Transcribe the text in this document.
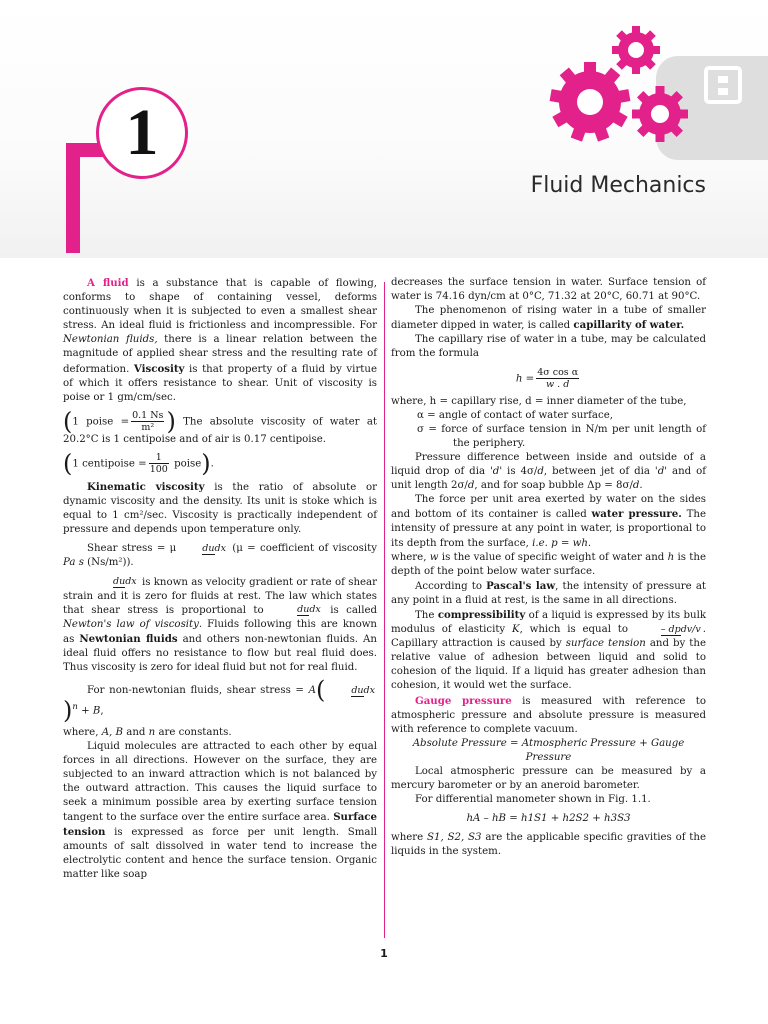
1
Fluid Mechanics

A fluid is a substance that is capable of flowing, conforms to shape of containing vessel, deforms continuously when it is subjected to even a smallest shear stress. An ideal fluid is frictionless and incompressible. For Newtonian fluids, there is a linear relation between the magnitude of applied shear stress and the resulting rate of deformation. Viscosity is that property of a fluid by virtue of which it offers resistance to shear. Unit of viscosity is poise or 1 gm/cm/sec.

(1 poise = $\frac{0.1 Ns}{\text{m²}}$ ) The absolute viscosity of water at 20.2°C is 1 centipoise and of air is 0.17 centipoise.

(1 centipoise = $\frac{1}{100}$ poise).

Kinematic viscosity is the ratio of absolute or dynamic viscosity and the density. Its unit is stoke which is equal to 1 cm²/sec. Viscosity is practically independent of pressure and depends upon temperature only.

Shear stress = μ	dudx (μ = coefficient of viscosity Pa s (Ns/m²)).

dudx is known as velocity gradient or rate of shear strain and it is zero for fluids at rest. The law which states that shear stress is proportional to	dudx is called Newton's law of viscosity. Fluids following this are known as Newtonian fluids and others non-newtonian fluids. An ideal fluid offers no resistance to flow but real fluid does. Thus viscosity is zero for ideal fluid but not for real fluid.

For non-newtonian fluids, shear stress = A(	dudx)$^n$ + B,

where, A, B and n are constants.

Liquid molecules are attracted to each other by equal forces in all directions. However on the surface, they are subjected to an inward attraction which is not balanced by the outward attraction. This causes the liquid surface to seek a minimum possible area by exerting surface tension tangent to the surface over the entire surface area. Surface tension is expressed as force per unit length. Small amounts of salt dissolved in water tend to increase the electrolytic content and hence the surface tension. Organic matter like soap

decreases the surface tension in water. Surface tension of water is 74.16 dyn/cm at 0°C, 71.32 at 20°C, 60.71 at 90°C.

The phenomenon of rising water in a tube of smaller diameter dipped in water, is called capillarity of water.

The capillary rise of water in a tube, may be calculated from the formula

$h = \frac{\text{4σ cos α}}{w . d}$

where, h = capillary rise, d = inner diameter of the tube,

α = angle of contact of water surface,

σ = force of surface tension in N/m per unit length of the periphery.

Pressure difference between inside and outside of a liquid drop of dia 'd' is 4σ/d, between jet of dia 'd' and of unit length 2σ/d, and for soap bubble Δp = 8σ/d.

The force per unit area exerted by water on the sides and bottom of its container is called water pressure. The intensity of pressure at any point in water, is proportional to its depth from the surface, i.e. p = wh.

where, w is the value of specific weight of water and h is the depth of the point below water surface.

According to Pascal's law, the intensity of pressure at any point in a fluid at rest, is the same in all directions.

The compressibility of a liquid is expressed by its bulk modulus of elasticity K, which is equal to	– dpdv/v . Capillary attraction is caused by surface tension and by the relative value of adhesion between liquid and solid to cohesion of the liquid. If a liquid has greater adhesion than cohesion, it would wet the surface.

Gauge pressure is measured with reference to atmospheric pressure and absolute pressure is measured with reference to complete vacuum.

Absolute Pressure = Atmospheric Pressure + Gauge Pressure

Local atmospheric pressure can be measured by a mercury barometer or by an aneroid barometer.

For differential manometer shown in Fig. 1.1.

hA – hB = h1S1 + h2S2 + h3S3

where S1, S2, S3 are the applicable specific gravities of the liquids in the system.

1
